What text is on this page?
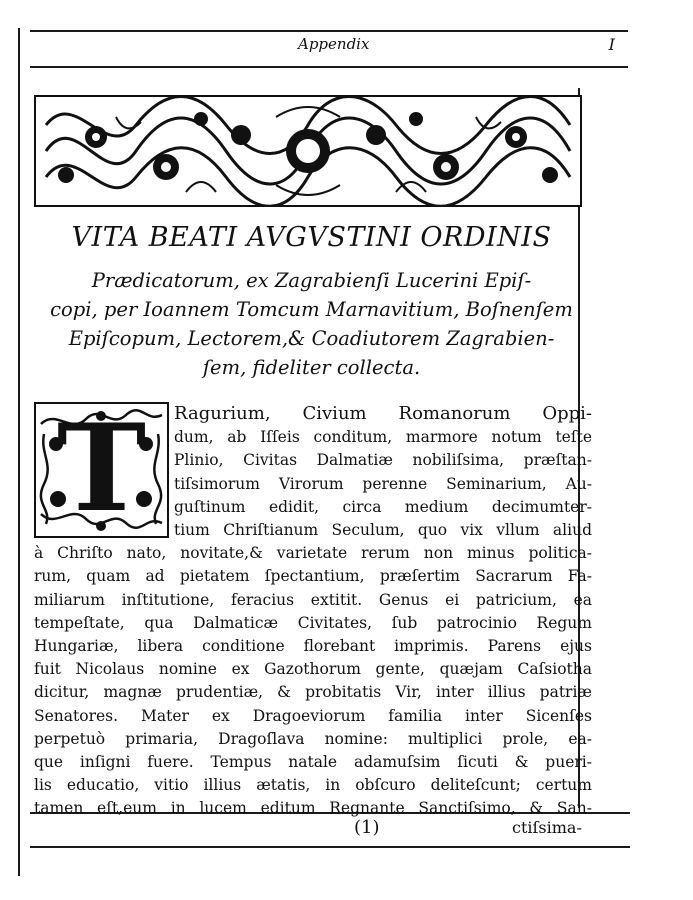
Appendix	I
VITA BEATI AVGVSTINI ORDINIS
Prædicatorum, ex Zagrabienſi Lucerini Epiſ-
copi, per Ioannem Tomcum Marnavitium, Boſnenſem
Epiſcopum, Lectorem,& Coadiutorem Zagrabien-
ſem, fideliter collecta.
T	Ragurium, Civium Romanorum Oppi-
dum, ab Iſſeis conditum, marmore notum teſte
Plinio, Civitas Dalmatiæ nobiliſsima, præſtan-
tiſsimorum Virorum perenne Seminarium, Au-
guſtinum edidit, circa medium decimumter-
tium Chriſtianum Seculum, quo vix vllum aliud
à Chriſto nato, novitate,& varietate rerum non minus politica-
rum, quam ad pietatem ſpectantium, præſertim Sacrarum Fa-
miliarum inſtitutione, feracius extitit. Genus ei patricium, ea
tempeſtate, qua Dalmaticæ Civitates, ſub patrocinio Regum
Hungariæ, libera conditione florebant imprimis. Parens ejus
fuit Nicolaus nomine ex Gazothorum gente, quæjam Caſsiotha
dicitur, magnæ prudentiæ, & probitatis Vir, inter illius patriæ
Senatores. Mater ex Dragoeviorum familia inter Sicenſes
perpetuò primaria, Dragoſlava nomine: multiplici prole, ea-
que inſigni fuere. Tempus natale adamuſsim ſicuti & pueri-
lis educatio, vitio illius ætatis, in obſcuro deliteſcunt; certum
tamen eſt,eum in lucem editum Regnante Sanctiſsimo, & San-
(1)	ctiſsima-
